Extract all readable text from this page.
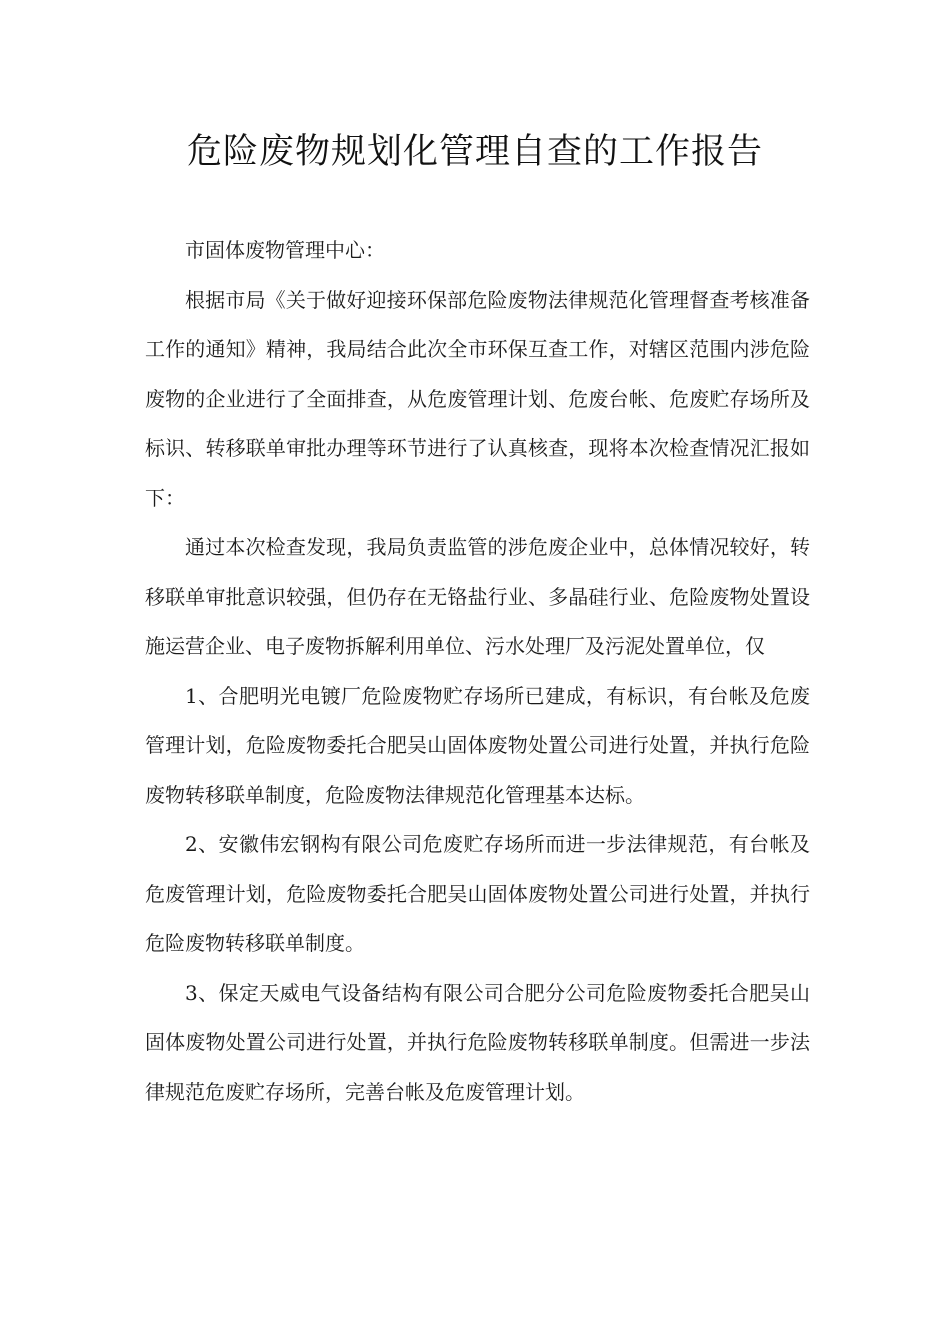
危险废物规划化管理自查的工作报告

市固体废物管理中心：

根据市局《关于做好迎接环保部危险废物法律规范化管理督查考核准备工作的通知》精神，我局结合此次全市环保互查工作，对辖区范围内涉危险废物的企业进行了全面排查，从危废管理计划、危废台帐、危废贮存场所及标识、转移联单审批办理等环节进行了认真核查，现将本次检查情况汇报如下：

通过本次检查发现，我局负责监管的涉危废企业中，总体情况较好，转移联单审批意识较强，但仍存在无铬盐行业、多晶硅行业、危险废物处置设施运营企业、电子废物拆解利用单位、污水处理厂及污泥处置单位，仅

1、合肥明光电镀厂危险废物贮存场所已建成，有标识，有台帐及危废管理计划，危险废物委托合肥吴山固体废物处置公司进行处置，并执行危险废物转移联单制度，危险废物法律规范化管理基本达标。

2、安徽伟宏钢构有限公司危废贮存场所而进一步法律规范，有台帐及危废管理计划，危险废物委托合肥吴山固体废物处置公司进行处置，并执行危险废物转移联单制度。

3、保定天威电气设备结构有限公司合肥分公司危险废物委托合肥吴山固体废物处置公司进行处置，并执行危险废物转移联单制度。但需进一步法律规范危废贮存场所，完善台帐及危废管理计划。
